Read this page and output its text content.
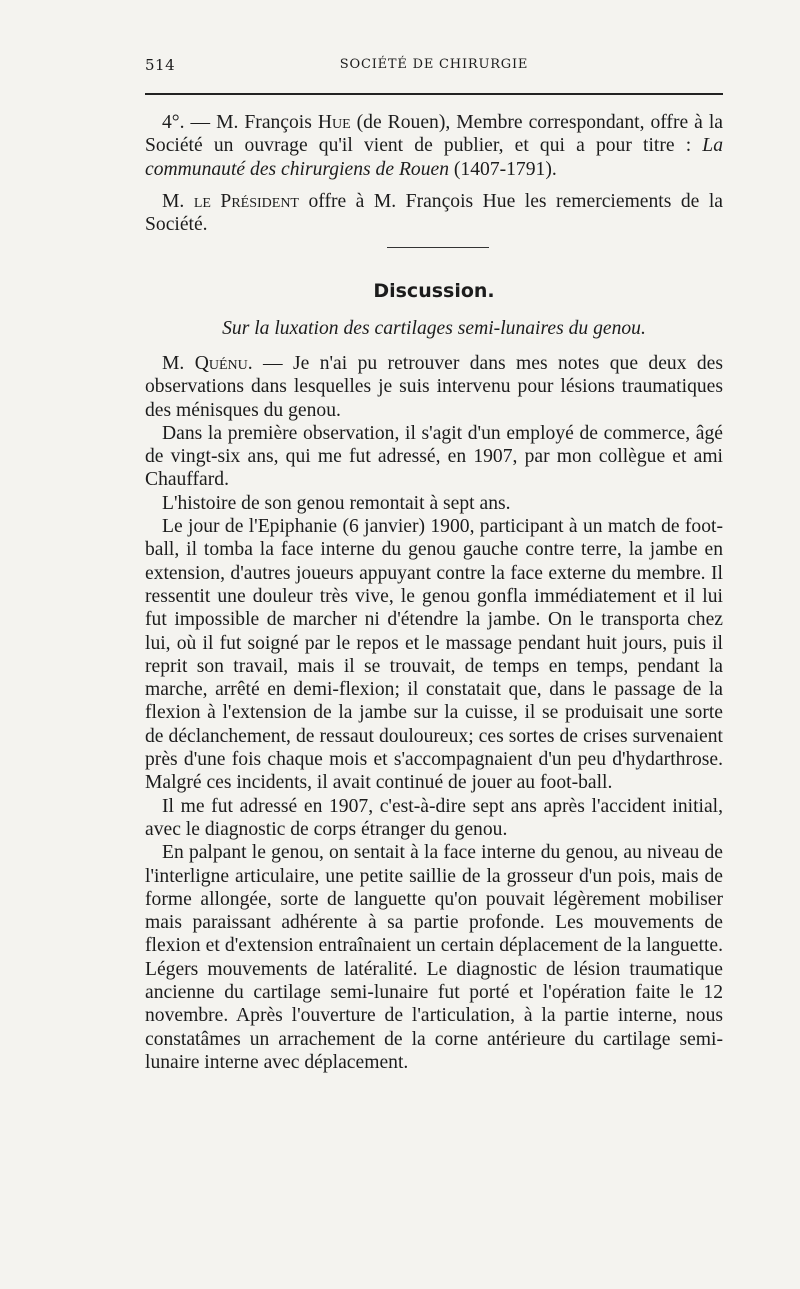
514	SOCIÉTÉ DE CHIRURGIE

4°. — M. François Hue (de Rouen), Membre correspondant, offre à la Société un ouvrage qu'il vient de publier, et qui a pour titre : La communauté des chirurgiens de Rouen (1407-1791).

M. le Président offre à M. François Hue les remerciements de la Société.

Discussion.
Sur la luxation des cartilages semi-lunaires du genou.

M. Quénu. — Je n'ai pu retrouver dans mes notes que deux des observations dans lesquelles je suis intervenu pour lésions traumatiques des ménisques du genou.

Dans la première observation, il s'agit d'un employé de commerce, âgé de vingt-six ans, qui me fut adressé, en 1907, par mon collègue et ami Chauffard.

L'histoire de son genou remontait à sept ans.

Le jour de l'Epiphanie (6 janvier) 1900, participant à un match de foot-ball, il tomba la face interne du genou gauche contre terre, la jambe en extension, d'autres joueurs appuyant contre la face externe du membre. Il ressentit une douleur très vive, le genou gonfla immédiatement et il lui fut impossible de marcher ni d'étendre la jambe. On le transporta chez lui, où il fut soigné par le repos et le massage pendant huit jours, puis il reprit son travail, mais il se trouvait, de temps en temps, pendant la marche, arrêté en demi-flexion; il constatait que, dans le passage de la flexion à l'extension de la jambe sur la cuisse, il se produisait une sorte de déclanchement, de ressaut douloureux; ces sortes de crises survenaient près d'une fois chaque mois et s'accompagnaient d'un peu d'hydarthrose. Malgré ces incidents, il avait continué de jouer au foot-ball.

Il me fut adressé en 1907, c'est-à-dire sept ans après l'accident initial, avec le diagnostic de corps étranger du genou.

En palpant le genou, on sentait à la face interne du genou, au niveau de l'interligne articulaire, une petite saillie de la grosseur d'un pois, mais de forme allongée, sorte de languette qu'on pouvait légèrement mobiliser mais paraissant adhérente à sa partie profonde. Les mouvements de flexion et d'extension entraînaient un certain déplacement de la languette. Légers mouvements de latéralité. Le diagnostic de lésion traumatique ancienne du cartilage semi-lunaire fut porté et l'opération faite le 12 novembre. Après l'ouverture de l'articulation, à la partie interne, nous constatâmes un arrachement de la corne antérieure du cartilage semi-lunaire interne avec déplacement.
